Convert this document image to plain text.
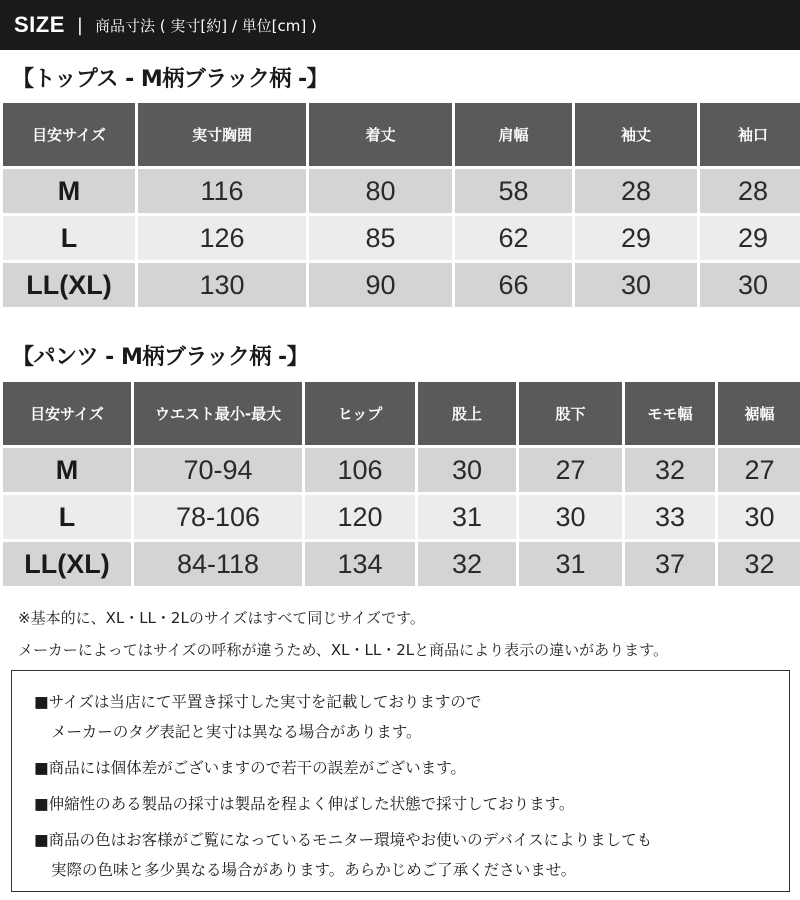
SIZE | 商品寸法 ( 実寸[約] / 単位[cm] )
【トップス - M柄ブラック柄 -】
目安サイズ	実寸胸囲	着丈	肩幅	袖丈	袖口
M	116	80	58	28	28
L	126	85	62	29	29
LL(XL)	130	90	66	30	30
【パンツ - M柄ブラック柄 -】
目安サイズ	ウエスト最小-最大	ヒップ	股上	股下	モモ幅	裾幅
M	70-94	106	30	27	32	27
L	78-106	120	31	30	33	30
LL(XL)	84-118	134	32	31	37	32
※基本的に、XL・LL・2Lのサイズはすべて同じサイズです。
メーカーによってはサイズの呼称が違うため、XL・LL・2Lと商品により表示の違いがあります。
■サイズは当店にて平置き採寸した実寸を記載しておりますので
メーカーのタグ表記と実寸は異なる場合があります。
■商品には個体差がございますので若干の誤差がございます。
■伸縮性のある製品の採寸は製品を程よく伸ばした状態で採寸しております。
■商品の色はお客様がご覧になっているモニター環境やお使いのデバイスによりましても
実際の色味と多少異なる場合があります。あらかじめご了承くださいませ。
